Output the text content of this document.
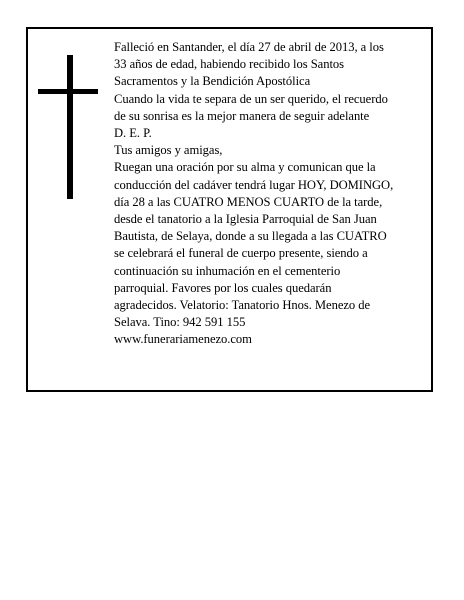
Falleció en Santander, el día 27 de abril de 2013, a los
33 años de edad, habiendo recibido los Santos
Sacramentos y la Bendición Apostólica
Cuando la vida te separa de un ser querido, el recuerdo
de su sonrisa es la mejor manera de seguir adelante
D. E. P.
Tus amigos y amigas,
Ruegan una oración por su alma y comunican que la
conducción del cadáver tendrá lugar HOY, DOMINGO,
día 28 a las CUATRO MENOS CUARTO de la tarde,
desde el tanatorio a la Iglesia Parroquial de San Juan
Bautista, de Selaya, donde a su llegada a las CUATRO
se celebrará el funeral de cuerpo presente, siendo a
continuación su inhumación en el cementerio
parroquial. Favores por los cuales quedarán
agradecidos. Velatorio: Tanatorio Hnos. Menezo de
Selava. Tino: 942 591 155
www.funerariamenezo.com
